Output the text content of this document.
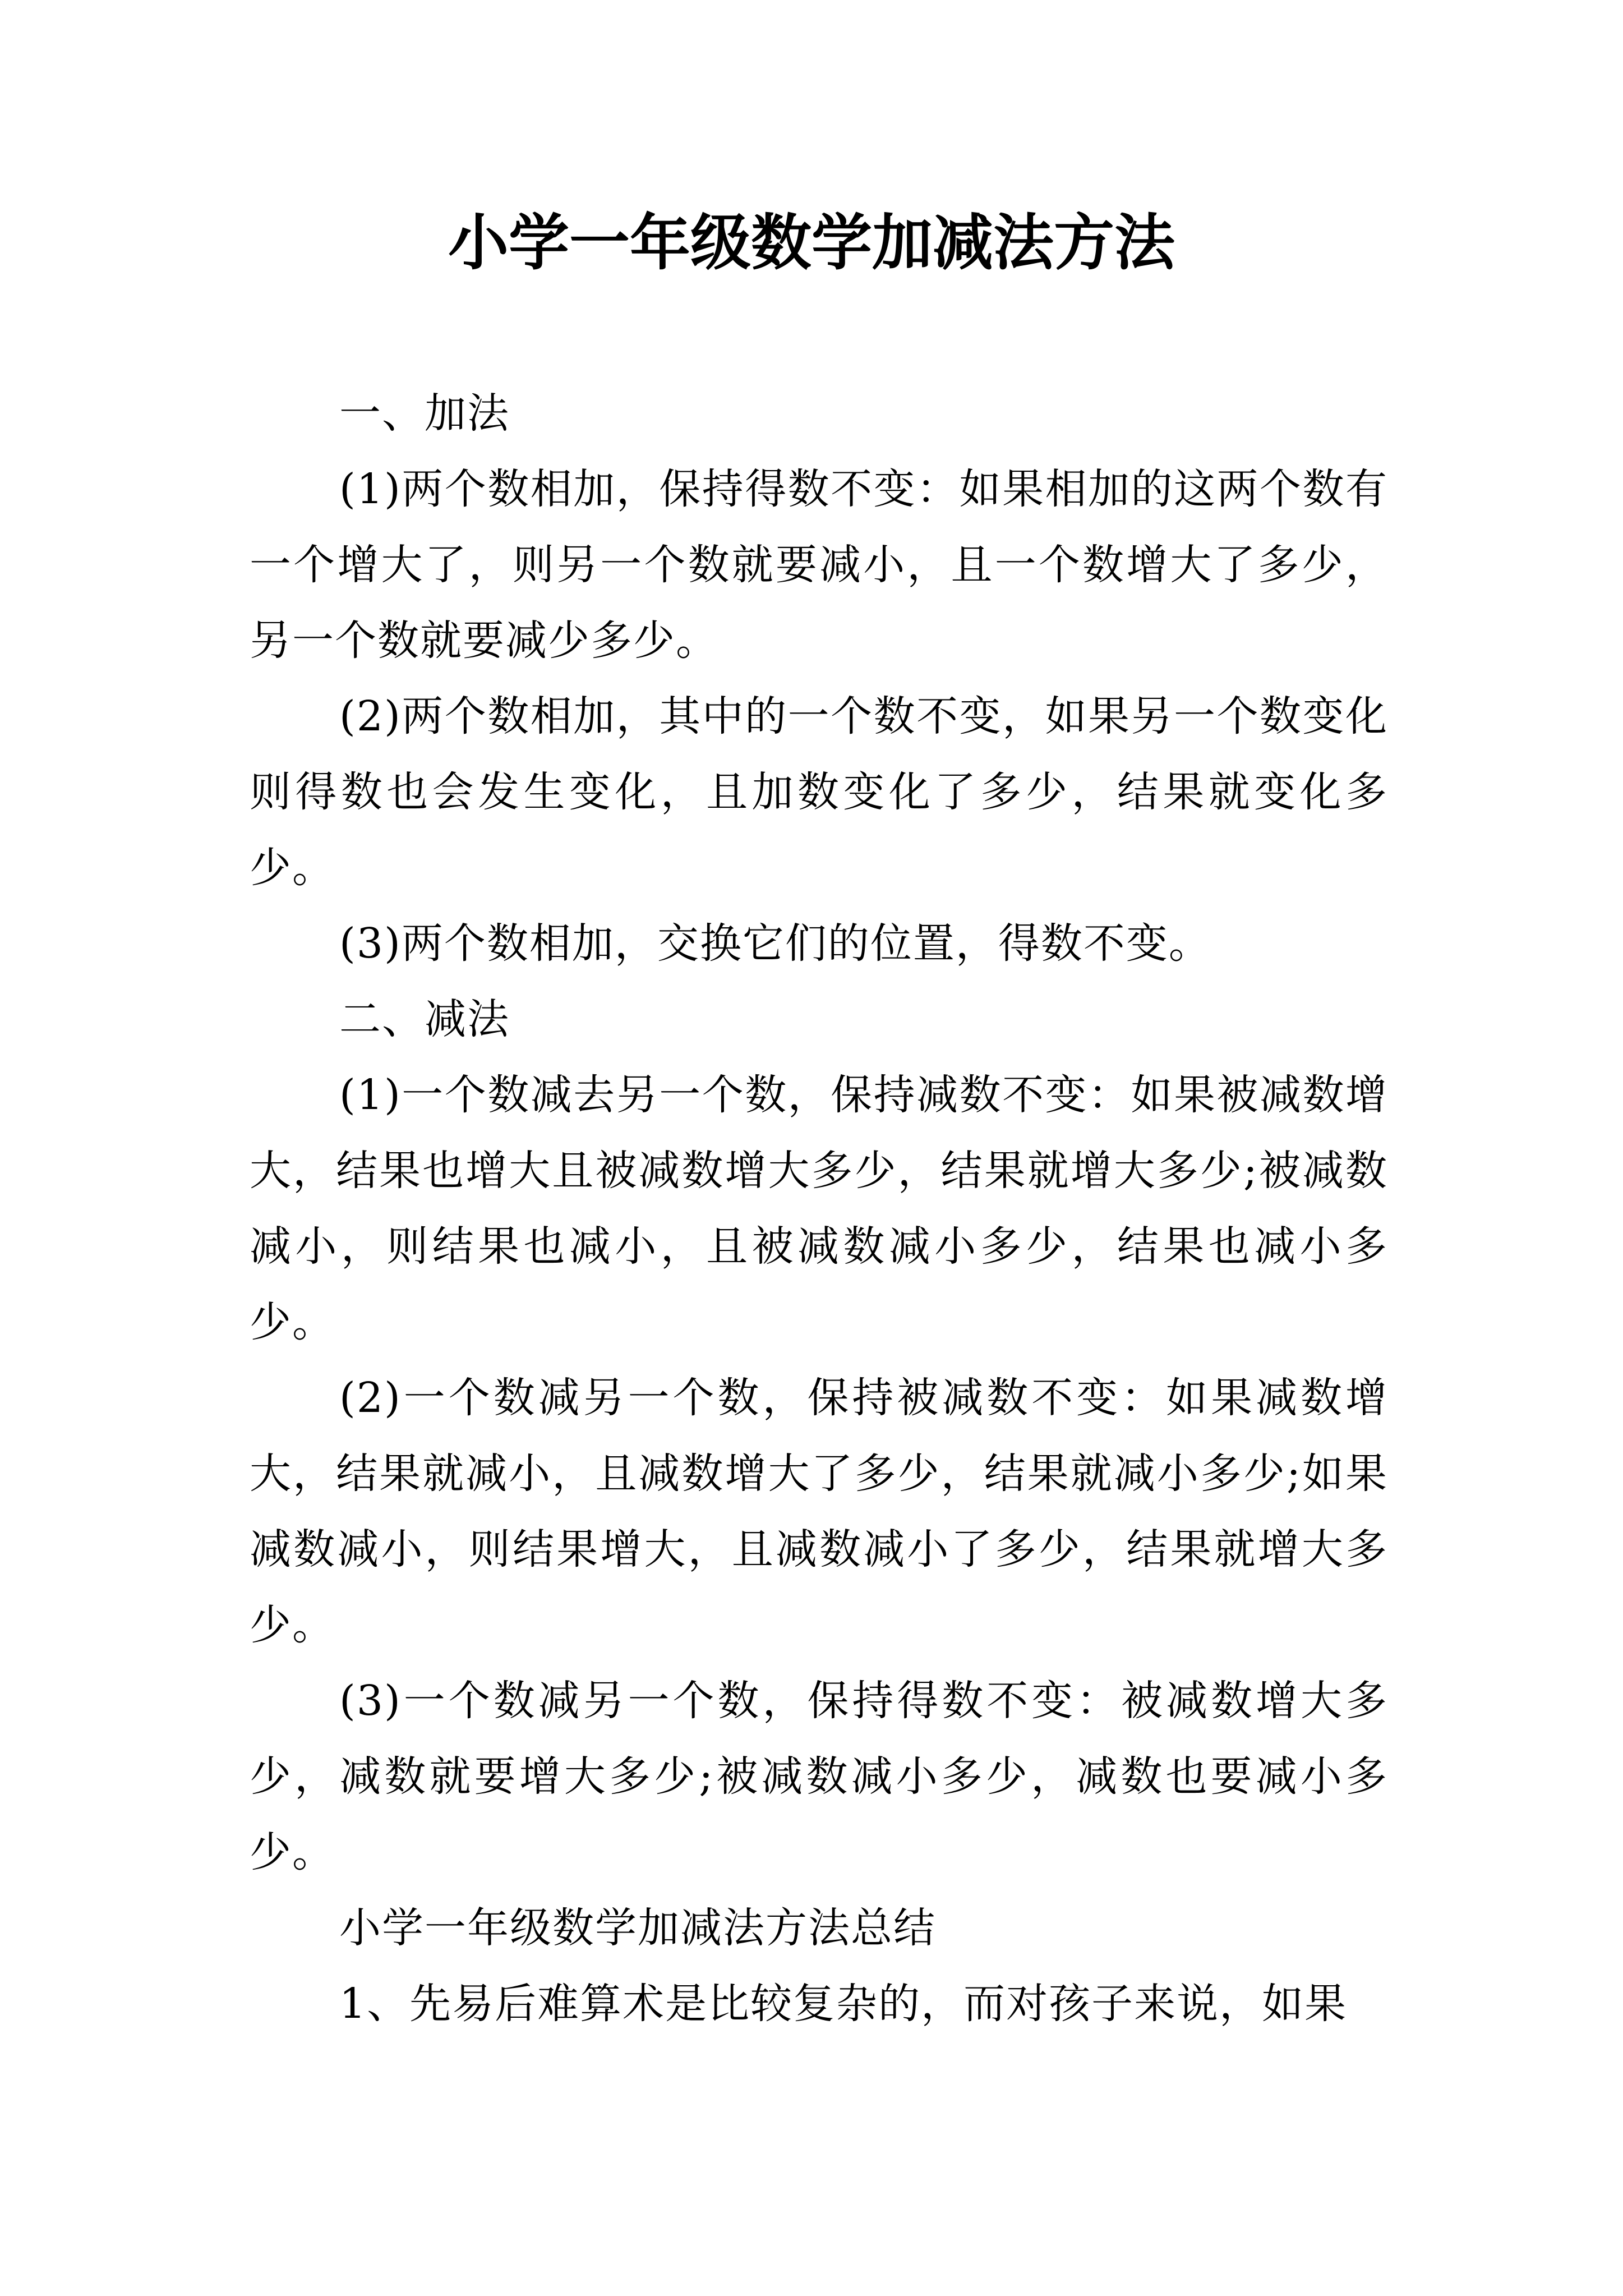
小学一年级数学加减法方法

一、加法

(1)两个数相加，保持得数不变：如果相加的这两个数有一个增大了，则另一个数就要减小，且一个数增大了多少，另一个数就要减少多少。

(2)两个数相加，其中的一个数不变，如果另一个数变化则得数也会发生变化，且加数变化了多少，结果就变化多少。

(3)两个数相加，交换它们的位置，得数不变。

二、减法

(1)一个数减去另一个数，保持减数不变：如果被减数增大，结果也增大且被减数增大多少，结果就增大多少;被减数减小，则结果也减小，且被减数减小多少，结果也减小多少。

(2)一个数减另一个数，保持被减数不变：如果减数增大，结果就减小，且减数增大了多少，结果就减小多少;如果减数减小，则结果增大，且减数减小了多少，结果就增大多少。

(3)一个数减另一个数，保持得数不变：被减数增大多少，减数就要增大多少;被减数减小多少，减数也要减小多少。

小学一年级数学加减法方法总结

1、先易后难算术是比较复杂的，而对孩子来说，如果
